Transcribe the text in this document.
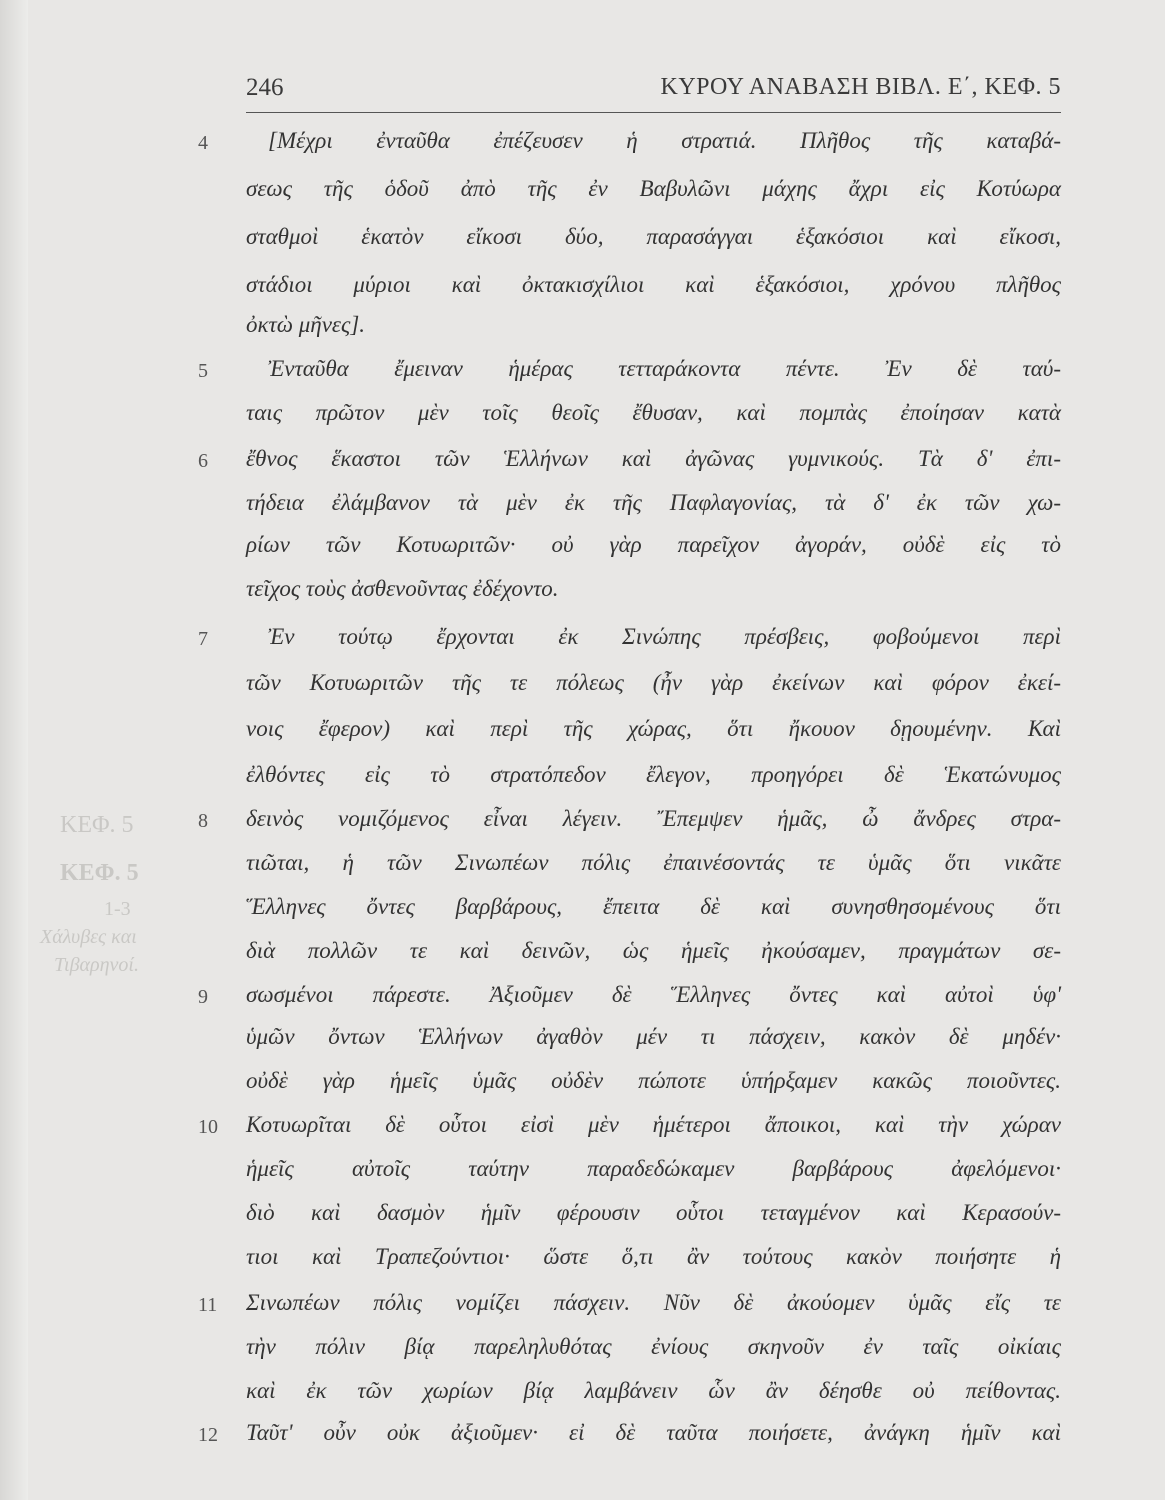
ΚΕΦ. 5
ΚΕΦ. 5
1-3
Χάλυβες και
Τιβαρηνοί.
246	ΚΥΡΟΥ ΑΝΑΒΑΣΗ ΒΙΒΛ. Ε΄, ΚΕΦ. 5
4	[Μέχρι ἐνταῦθα ἐπέζευσεν ἡ στρατιά. Πλῆθος τῆς καταβά-
σεως τῆς ὁδοῦ ἀπὸ τῆς ἐν Βαβυλῶνι μάχης ἄχρι εἰς Κοτύωρα
σταθμοὶ ἑκατὸν εἴκοσι δύο, παρασάγγαι ἑξακόσιοι καὶ εἴκοσι,
στάδιοι μύριοι καὶ ὀκτακισχίλιοι καὶ ἑξακόσιοι, χρόνου πλῆθος
ὀκτὼ μῆνες].
5	Ἐνταῦθα ἔμειναν ἡμέρας τετταράκοντα πέντε. Ἐν δὲ ταύ-
ταις πρῶτον μὲν τοῖς θεοῖς ἔθυσαν, καὶ πομπὰς ἐποίησαν κατὰ
6	ἔθνος ἕκαστοι τῶν Ἑλλήνων καὶ ἀγῶνας γυμνικούς. Τὰ δ' ἐπι-
τήδεια ἐλάμβανον τὰ μὲν ἐκ τῆς Παφλαγονίας, τὰ δ' ἐκ τῶν χω-
ρίων τῶν Κοτυωριτῶν· οὐ γὰρ παρεῖχον ἀγοράν, οὐδὲ εἰς τὸ
τεῖχος τοὺς ἀσθενοῦντας ἐδέχοντο.
7	Ἐν τούτῳ ἔρχονται ἐκ Σινώπης πρέσβεις, φοβούμενοι περὶ
τῶν Κοτυωριτῶν τῆς τε πόλεως (ἦν γὰρ ἐκείνων καὶ φόρον ἐκεί-
νοις ἔφερον) καὶ περὶ τῆς χώρας, ὅτι ἤκουον δῃουμένην. Καὶ
ἐλθόντες εἰς τὸ στρατόπεδον ἔλεγον, προηγόρει δὲ Ἑκατώνυμος
8	δεινὸς νομιζόμενος εἶναι λέγειν. Ἔπεμψεν ἡμᾶς, ὦ ἄνδρες στρα-
τιῶται, ἡ τῶν Σινωπέων πόλις ἐπαινέσοντάς τε ὑμᾶς ὅτι νικᾶτε
Ἕλληνες ὄντες βαρβάρους, ἔπειτα δὲ καὶ συνησθησομένους ὅτι
διὰ πολλῶν τε καὶ δεινῶν, ὡς ἡμεῖς ἠκούσαμεν, πραγμάτων σε-
9	σωσμένοι πάρεστε. Ἀξιοῦμεν δὲ Ἕλληνες ὄντες καὶ αὐτοὶ ὑφ'
ὑμῶν ὄντων Ἑλλήνων ἀγαθὸν μέν τι πάσχειν, κακὸν δὲ μηδέν·
οὐδὲ γὰρ ἡμεῖς ὑμᾶς οὐδὲν πώποτε ὑπήρξαμεν κακῶς ποιοῦντες.
10	Κοτυωρῖται δὲ οὗτοι εἰσὶ μὲν ἡμέτεροι ἄποικοι, καὶ τὴν χώραν
ἡμεῖς αὐτοῖς ταύτην παραδεδώκαμεν βαρβάρους ἀφελόμενοι·
διὸ καὶ δασμὸν ἡμῖν φέρουσιν οὗτοι τεταγμένον καὶ Κερασούν-
τιοι καὶ Τραπεζούντιοι· ὥστε ὅ,τι ἂν τούτους κακὸν ποιήσητε ἡ
11	Σινωπέων πόλις νομίζει πάσχειν. Νῦν δὲ ἀκούομεν ὑμᾶς εἴς τε
τὴν πόλιν βίᾳ παρεληλυθότας ἐνίους σκηνοῦν ἐν ταῖς οἰκίαις
καὶ ἐκ τῶν χωρίων βίᾳ λαμβάνειν ὧν ἂν δέησθε οὐ πείθοντας.
12	Ταῦτ' οὖν οὐκ ἀξιοῦμεν· εἰ δὲ ταῦτα ποιήσετε, ἀνάγκη ἡμῖν καὶ
